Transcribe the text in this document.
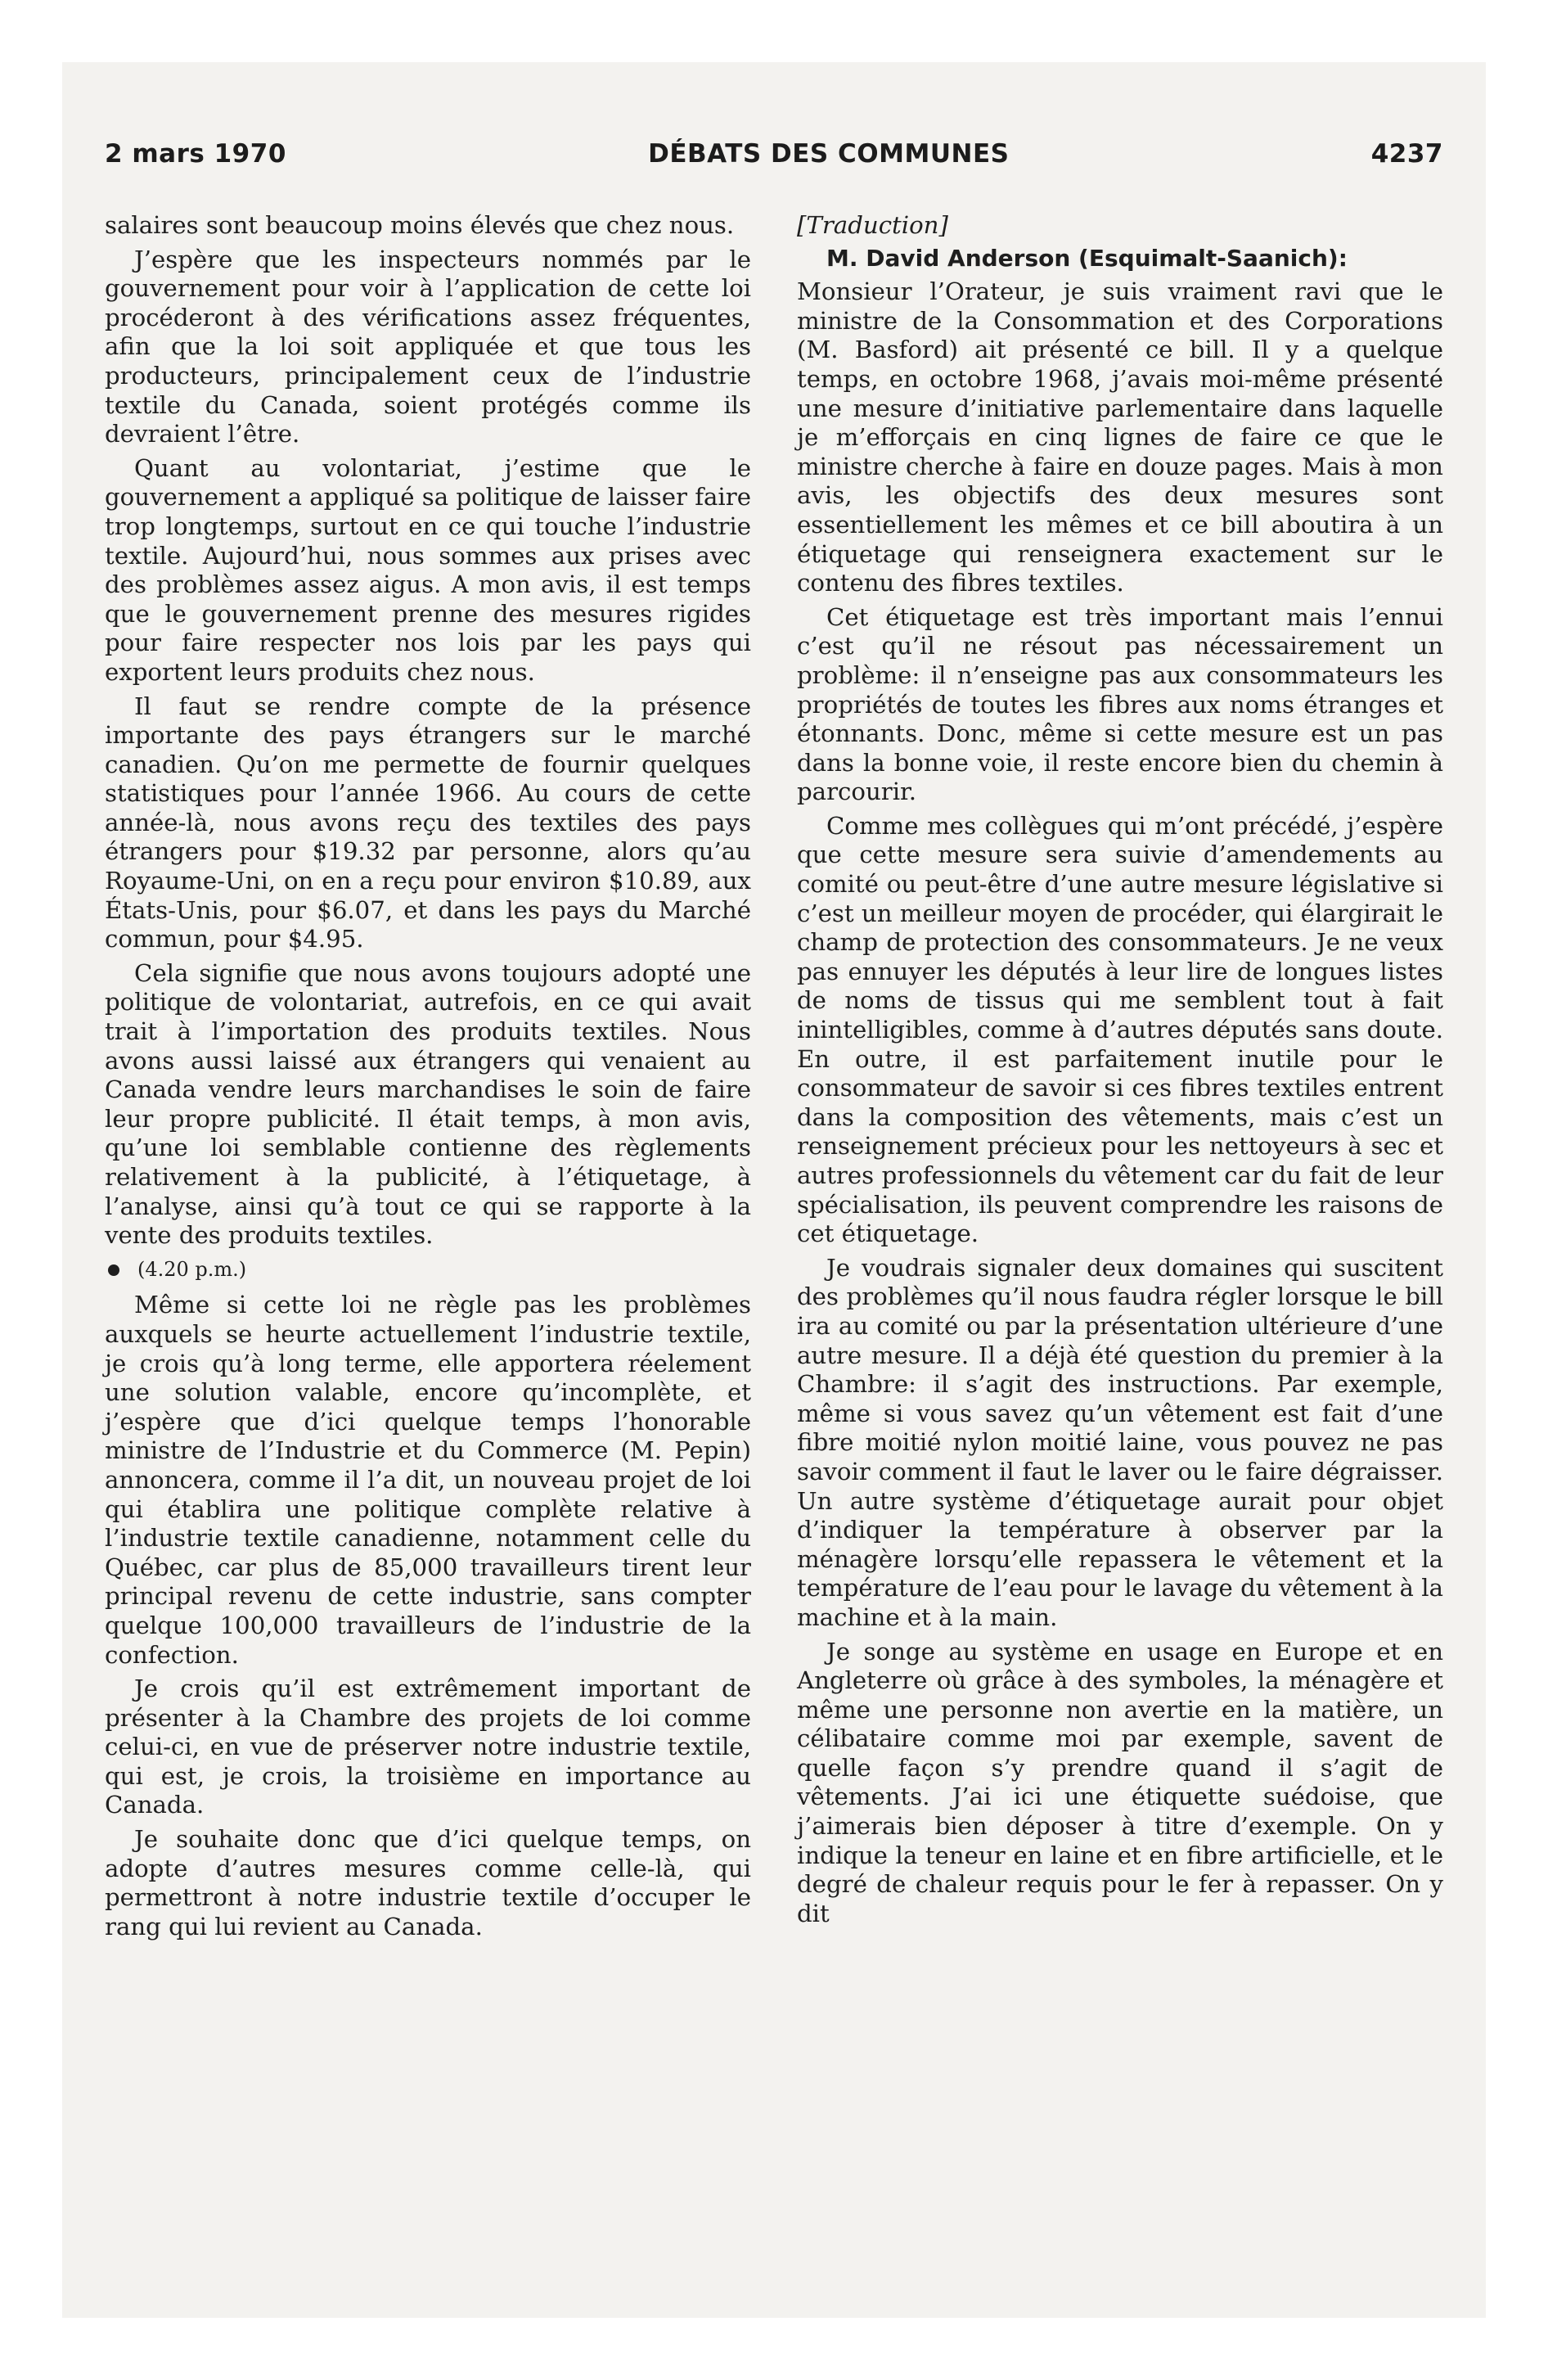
2 mars 1970	DÉBATS DES COMMUNES	4237

salaires sont beaucoup moins élevés que chez nous.

J’espère que les inspecteurs nommés par le gouvernement pour voir à l’application de cette loi procéderont à des vérifications assez fréquentes, afin que la loi soit appliquée et que tous les producteurs, principalement ceux de l’industrie textile du Canada, soient protégés comme ils devraient l’être.

Quant au volontariat, j’estime que le gouvernement a appliqué sa politique de laisser faire trop longtemps, surtout en ce qui touche l’industrie textile. Aujourd’hui, nous sommes aux prises avec des problèmes assez aigus. A mon avis, il est temps que le gouvernement prenne des mesures rigides pour faire respecter nos lois par les pays qui exportent leurs produits chez nous.

Il faut se rendre compte de la présence importante des pays étrangers sur le marché canadien. Qu’on me permette de fournir quelques statistiques pour l’année 1966. Au cours de cette année-là, nous avons reçu des textiles des pays étrangers pour $19.32 par personne, alors qu’au Royaume-Uni, on en a reçu pour environ $10.89, aux États-Unis, pour $6.07, et dans les pays du Marché commun, pour $4.95.

Cela signifie que nous avons toujours adopté une politique de volontariat, autrefois, en ce qui avait trait à l’importation des produits textiles. Nous avons aussi laissé aux étrangers qui venaient au Canada vendre leurs marchandises le soin de faire leur propre publicité. Il était temps, à mon avis, qu’une loi semblable contienne des règlements relativement à la publicité, à l’étiquetage, à l’analyse, ainsi qu’à tout ce qui se rapporte à la vente des produits textiles.

(4.20 p.m.)

Même si cette loi ne règle pas les problèmes auxquels se heurte actuellement l’industrie textile, je crois qu’à long terme, elle apportera réelement une solution valable, encore qu’incomplète, et j’espère que d’ici quelque temps l’honorable ministre de l’Industrie et du Commerce (M. Pepin) annoncera, comme il l’a dit, un nouveau projet de loi qui établira une politique complète relative à l’industrie textile canadienne, notamment celle du Québec, car plus de 85,000 travailleurs tirent leur principal revenu de cette industrie, sans compter quelque 100,000 travailleurs de l’industrie de la confection.

Je crois qu’il est extrêmement important de présenter à la Chambre des projets de loi comme celui-ci, en vue de préserver notre industrie textile, qui est, je crois, la troisième en importance au Canada.

Je souhaite donc que d’ici quelque temps, on adopte d’autres mesures comme celle-là, qui permettront à notre industrie textile d’occuper le rang qui lui revient au Canada.

[Traduction]

M. David Anderson (Esquimalt-Saanich):

Monsieur l’Orateur, je suis vraiment ravi que le ministre de la Consommation et des Corporations (M. Basford) ait présenté ce bill. Il y a quelque temps, en octobre 1968, j’avais moi-même présenté une mesure d’initiative parlementaire dans laquelle je m’efforçais en cinq lignes de faire ce que le ministre cherche à faire en douze pages. Mais à mon avis, les objectifs des deux mesures sont essentiellement les mêmes et ce bill aboutira à un étiquetage qui renseignera exactement sur le contenu des fibres textiles.

Cet étiquetage est très important mais l’ennui c’est qu’il ne résout pas nécessairement un problème: il n’enseigne pas aux consommateurs les propriétés de toutes les fibres aux noms étranges et étonnants. Donc, même si cette mesure est un pas dans la bonne voie, il reste encore bien du chemin à parcourir.

Comme mes collègues qui m’ont précédé, j’espère que cette mesure sera suivie d’amendements au comité ou peut-être d’une autre mesure législative si c’est un meilleur moyen de procéder, qui élargirait le champ de protection des consommateurs. Je ne veux pas ennuyer les députés à leur lire de longues listes de noms de tissus qui me semblent tout à fait inintelligibles, comme à d’autres députés sans doute. En outre, il est parfaitement inutile pour le consommateur de savoir si ces fibres textiles entrent dans la composition des vêtements, mais c’est un renseignement précieux pour les nettoyeurs à sec et autres professionnels du vêtement car du fait de leur spécialisation, ils peuvent comprendre les raisons de cet étiquetage.

Je voudrais signaler deux domaines qui suscitent des problèmes qu’il nous faudra régler lorsque le bill ira au comité ou par la présentation ultérieure d’une autre mesure. Il a déjà été question du premier à la Chambre: il s’agit des instructions. Par exemple, même si vous savez qu’un vêtement est fait d’une fibre moitié nylon moitié laine, vous pouvez ne pas savoir comment il faut le laver ou le faire dégraisser. Un autre système d’étiquetage aurait pour objet d’indiquer la température à observer par la ménagère lorsqu’elle repassera le vêtement et la température de l’eau pour le lavage du vêtement à la machine et à la main.

Je songe au système en usage en Europe et en Angleterre où grâce à des symboles, la ménagère et même une personne non avertie en la matière, un célibataire comme moi par exemple, savent de quelle façon s’y prendre quand il s’agit de vêtements. J’ai ici une étiquette suédoise, que j’aimerais bien déposer à titre d’exemple. On y indique la teneur en laine et en fibre artificielle, et le degré de chaleur requis pour le fer à repasser. On y dit
